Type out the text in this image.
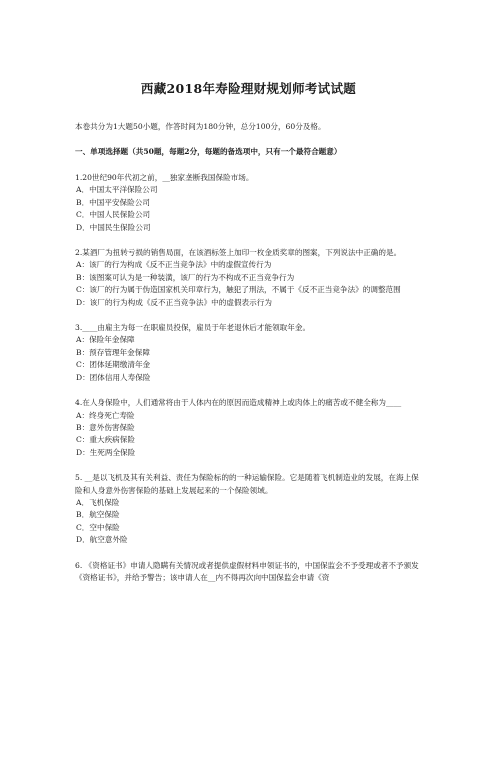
西藏2018年寿险理财规划师考试试题
本卷共分为1大题50小题，作答时间为180分钟，总分100分，60分及格。
一、单项选择题（共50题，每题2分，每题的备选项中，只有一个最符合题意）
1.20世纪90年代初之前，__独家垄断我国保险市场。
A．中国太平洋保险公司
B．中国平安保险公司
C．中国人民保险公司
D．中国民生保险公司
2.某酒厂为扭转亏损的销售局面，在该酒标签上加印一枚金质奖章的图案，下列说法中正确的是。
A：该厂的行为构成《反不正当竞争法》中的虚假宣传行为
B：该图案可认为是一种装潢，该厂的行为不构成不正当竞争行为
C：该厂的行为属于伪造国家机关印章行为，触犯了刑法，不属于《反不正当竞争法》的调整范围
D：该厂的行为构成《反不正当竞争法》中的虚假表示行为
3.____由雇主为每一在职雇员投保，雇员于年老退休后才能领取年金。
A：保险年金保障
B：预存管理年金保障
C：团体延期缴清年金
D：团体信用人寿保险
4.在人身保险中，人们通常将由于人体内在的原因而造成精神上或肉体上的痛苦或不健全称为____
A：终身死亡寿险
B：意外伤害保险
C：重大疾病保险
D：生死两全保险
5. __是以飞机及其有关利益、责任为保险标的的一种运输保险。它是随着飞机制造业的发展，在海上保险和人身意外伤害保险的基础上发展起来的一个保险领域。
A．飞机保险
B．航空保险
C．空中保险
D．航空意外险
6. 《资格证书》申请人隐瞒有关情况或者提供虚假材料申领证书的，中国保监会不予受理或者不予颁发《资格证书》，并给予警告；该申请人在__内不得再次向中国保监会申请《资
